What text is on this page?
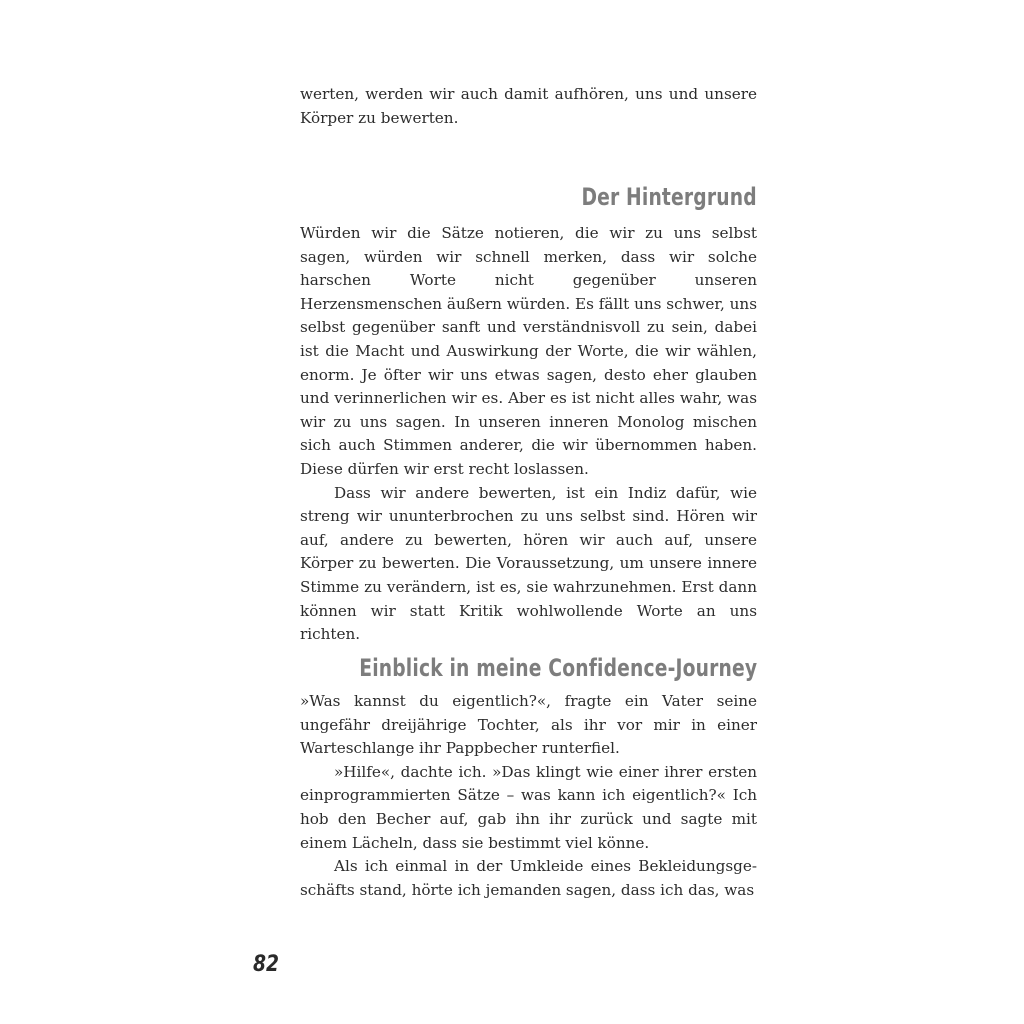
werten, werden wir auch damit aufhören, uns und unsere Körper zu bewerten.

Der Hintergrund

Würden wir die Sätze notieren, die wir zu uns selbst sagen, würden wir schnell merken, dass wir solche harschen Worte nicht gegenüber unseren Herzensmenschen äußern würden. Es fällt uns schwer, uns selbst gegenüber sanft und verständnisvoll zu sein, dabei ist die Macht und Auswirkung der Worte, die wir wählen, enorm. Je öfter wir uns etwas sagen, desto eher glauben und verinnerlichen wir es. Aber es ist nicht alles wahr, was wir zu uns sagen. In unseren inneren Monolog mischen sich auch Stimmen anderer, die wir übernommen haben. Diese dürfen wir erst recht loslassen.

Dass wir andere bewerten, ist ein Indiz dafür, wie streng wir ununterbrochen zu uns selbst sind. Hören wir auf, andere zu bewerten, hören wir auch auf, unsere Körper zu bewerten. Die Voraussetzung, um unsere innere Stimme zu verändern, ist es, sie wahrzunehmen. Erst dann können wir statt Kritik wohlwollende Worte an uns richten.

Einblick in meine Confidence-Journey

»Was kannst du eigentlich?«, fragte ein Vater seine ungefähr dreijährige Tochter, als ihr vor mir in einer Warteschlange ihr Pappbecher runterfiel.

»Hilfe«, dachte ich. »Das klingt wie einer ihrer ersten einprogrammierten Sätze – was kann ich eigentlich?« Ich hob den Becher auf, gab ihn ihr zurück und sagte mit einem Lächeln, dass sie bestimmt viel könne.

Als ich einmal in der Umkleide eines Bekleidungsgeschäfts stand, hörte ich jemanden sagen, dass ich das, was

82
